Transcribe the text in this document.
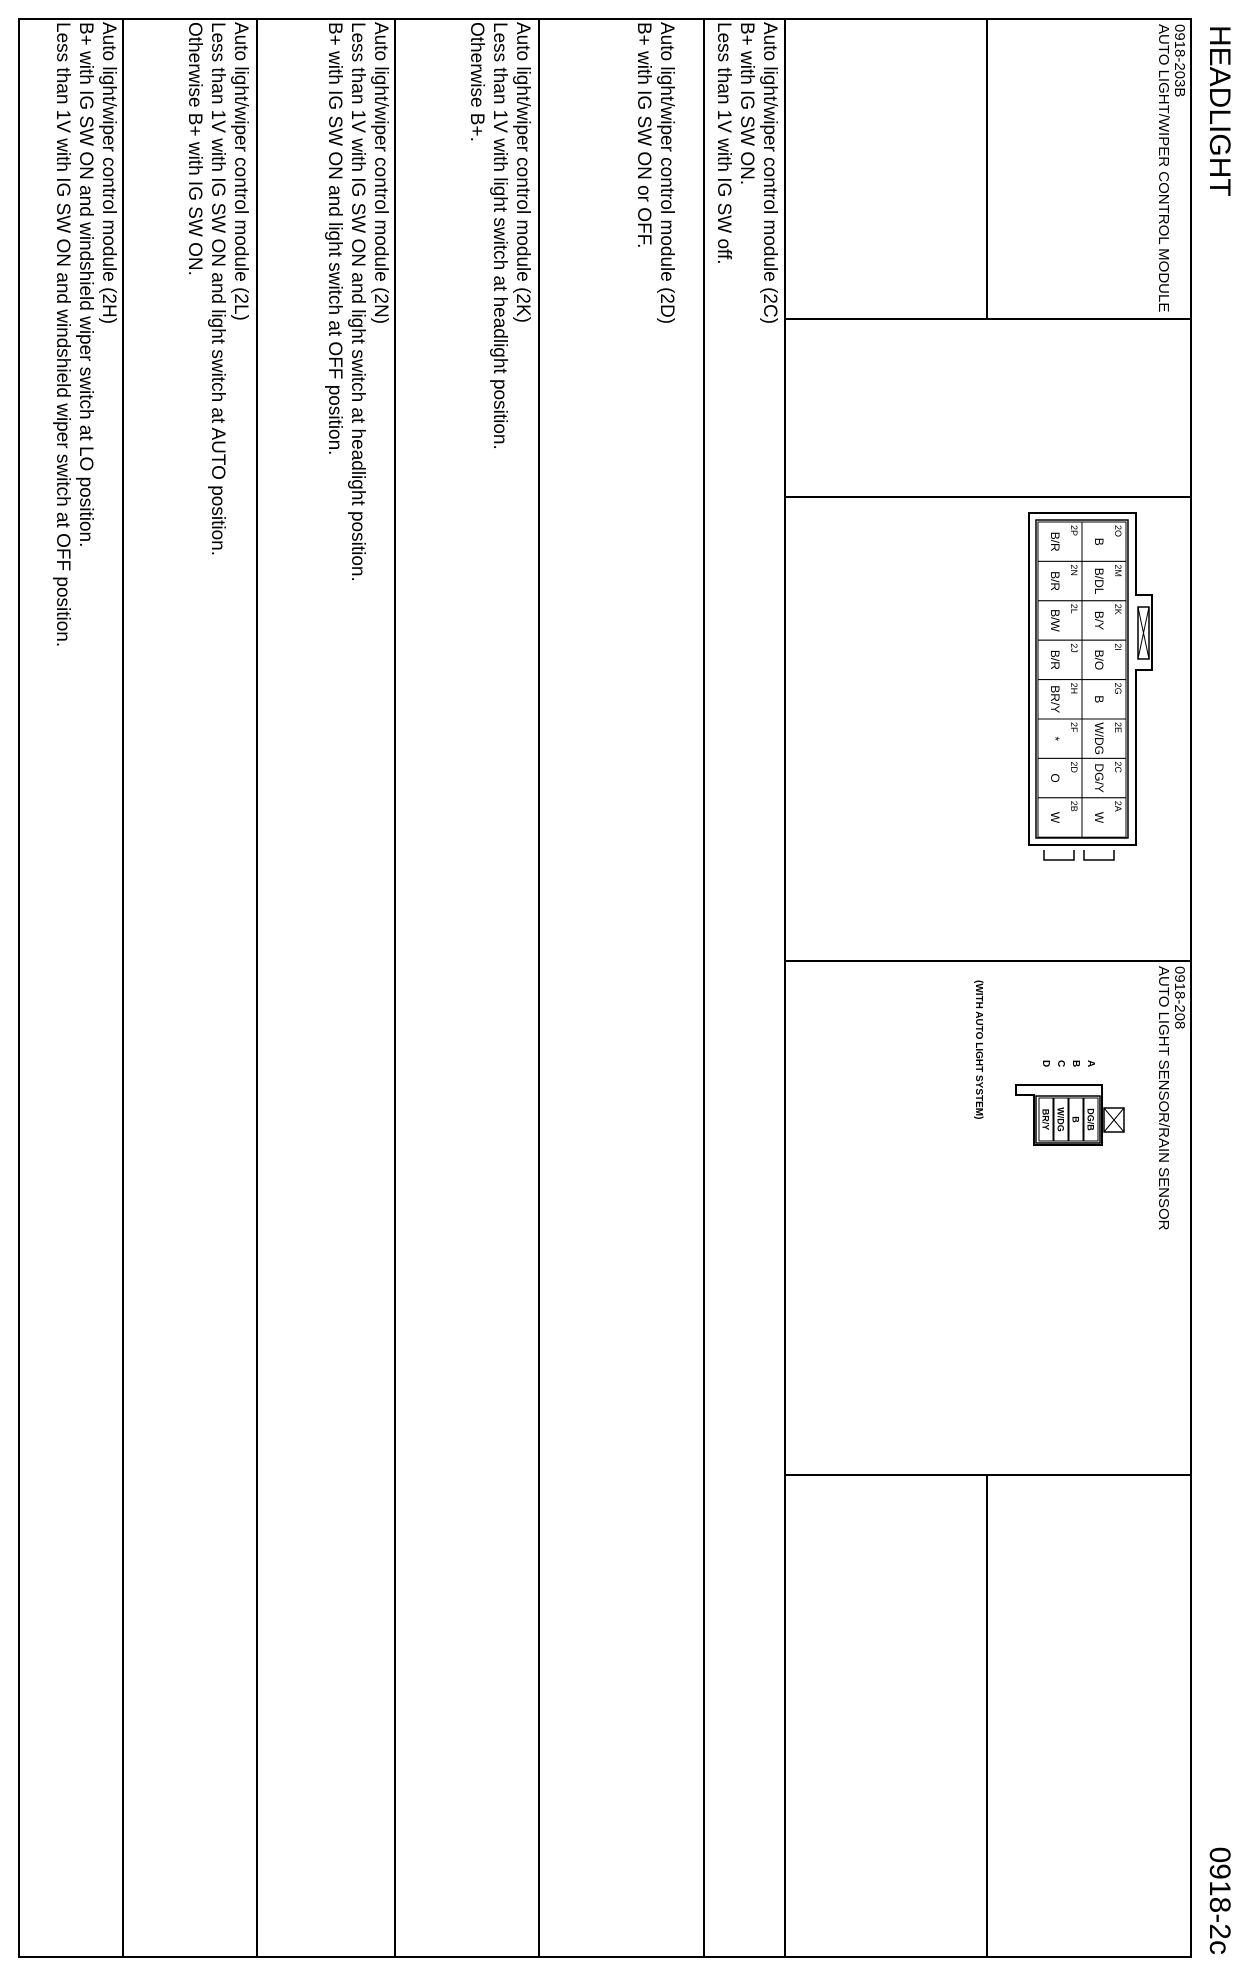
HEADLIGHT
0918-2c
0918-203B
AUTO LIGHT/WIPER CONTROL MODULE
2O
B
2M
B/DL
2K
B/Y
2I
B/O
2G
B
2E
W/DG
2C
DG/Y
2A
W
2P
B/R
2N
B/R
2L
B/W
2J
B/R
2H
BR/Y
2F
*
2D
O
2B
W
0918-208
AUTO LIGHT SENSOR/RAIN SENSOR
A
DG/B
B
B
C
W/DG
D
BR/Y
(WITH AUTO LIGHT SYSTEM)
Auto light/wiper control module (2C)
B+ with IG SW ON.
Less than 1V with IG SW off.
Auto light/wiper control module (2D)
B+ with IG SW ON or OFF.
Auto light/wiper control module (2K)
Less than 1V with light switch at headlight position.
Otherwise B+.
Auto light/wiper control module (2N)
Less than 1V with IG SW ON and light switch at headlight position.
B+ with IG SW ON and light switch at OFF position.
Auto light/wiper control module (2L)
Less than 1V with IG SW ON and light switch at AUTO position.
Otherwise B+ with IG SW ON.
Auto light/wiper control module (2H)
B+ with IG SW ON and windshield wiper switch at LO position.
Less than 1V with IG SW ON and windshield wiper switch at OFF position.
